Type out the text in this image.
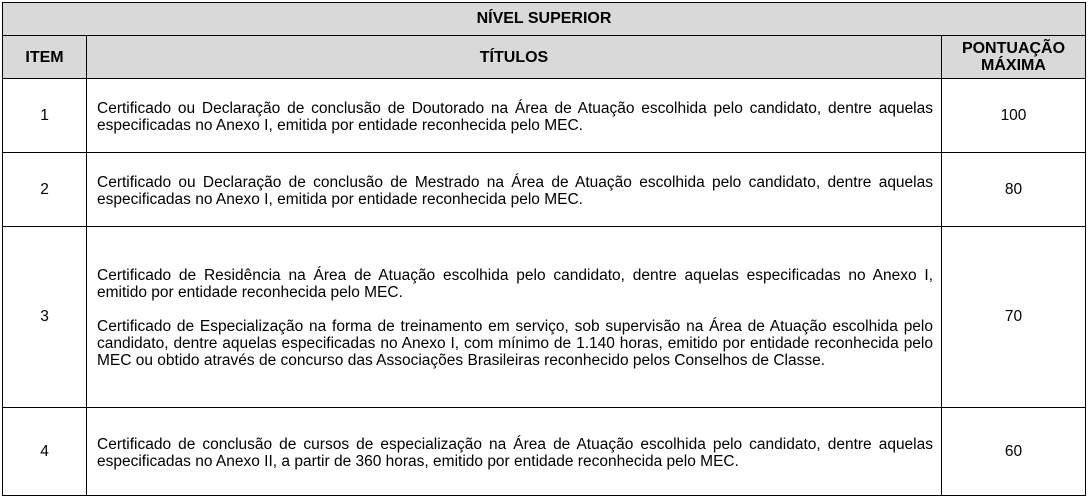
NÍVEL SUPERIOR		
ITEM	TÍTULOS	PONTUAÇÃO
MÁXIMA
1	Certificado ou Declaração de conclusão de Doutorado na Área de Atuação escolhida pelo candidato, dentre aquelas especificadas no Anexo I, emitida por entidade reconhecida pelo MEC.	100
2	Certificado ou Declaração de conclusão de Mestrado na Área de Atuação escolhida pelo candidato, dentre aquelas especificadas no Anexo I, emitida por entidade reconhecida pelo MEC.	80
3	Certificado de Residência na Área de Atuação escolhida pelo candidato, dentre aquelas especificadas no Anexo I, emitido por entidade reconhecida pelo MEC.

Certificado de Especialização na forma de treinamento em serviço, sob supervisão na Área de Atuação escolhida pelo candidato, dentre aquelas especificadas no Anexo I, com mínimo de 1.140 horas, emitido por entidade reconhecida pelo MEC ou obtido através de concurso das Associações Brasileiras reconhecido pelos Conselhos de Classe.	70
4	Certificado de conclusão de cursos de especialização na Área de Atuação escolhida pelo candidato, dentre aquelas especificadas no Anexo II, a partir de 360 horas, emitido por entidade reconhecida pelo MEC.	60
